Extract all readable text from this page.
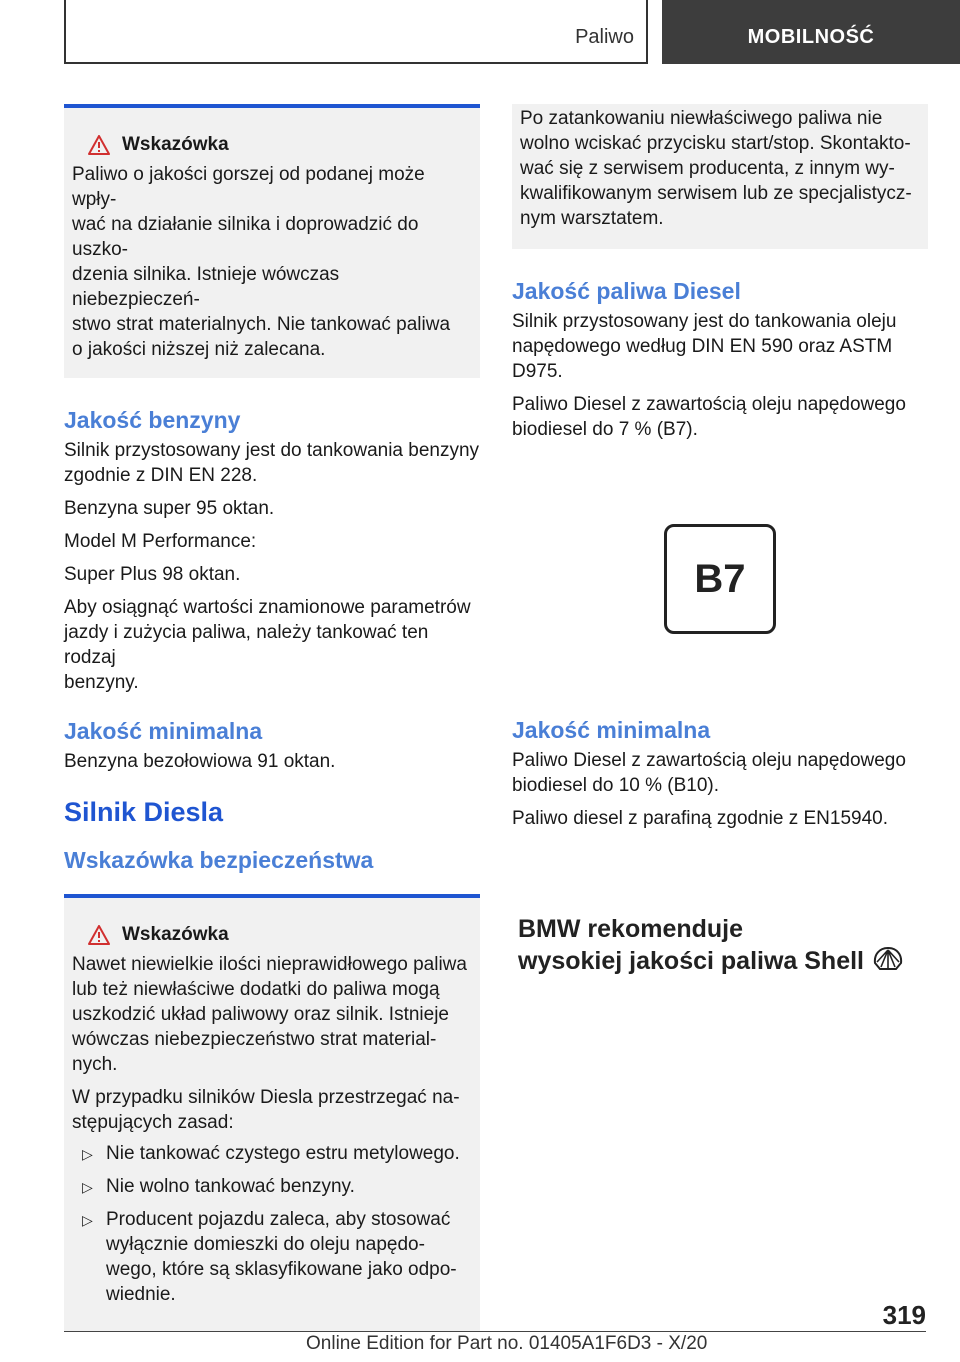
Paliwo	MOBILNOŚĆ
Wskazówka

Paliwo o jakości gorszej od podanej może wpły-
wać na działanie silnika i doprowadzić do uszko-
dzenia silnika. Istnieje wówczas niebezpieczeń-
stwo strat materialnych. Nie tankować paliwa
o jakości niższej niż zalecana.

Jakość benzyny

Silnik przystosowany jest do tankowania benzyny
zgodnie z DIN EN 228.

Benzyna super 95 oktan.

Model M Performance:

Super Plus 98 oktan.

Aby osiągnąć wartości znamionowe parametrów
jazdy i zużycia paliwa, należy tankować ten rodzaj
benzyny.

Jakość minimalna

Benzyna bezołowiowa 91 oktan.

Silnik Diesla
Wskazówka bezpieczeństwa
Wskazówka

Nawet niewielkie ilości nieprawidłowego paliwa
lub też niewłaściwe dodatki do paliwa mogą
uszkodzić układ paliwowy oraz silnik. Istnieje
wówczas niebezpieczeństwo strat material-
nych.

W przypadku silników Diesla przestrzegać na-
stępujących zasad:

▷ Nie tankować czystego estru metylowego.
▷ Nie wolno tankować benzyny.
▷ Producent pojazdu zaleca, aby stosować
wyłącznie domieszki do oleju napędo-
wego, które są sklasyfikowane jako odpo-
wiednie.

Po zatankowaniu niewłaściwego paliwa nie
wolno wciskać przycisku start/stop. Skontakto-
wać się z serwisem producenta, z innym wy-
kwalifikowanym serwisem lub ze specjalistycz-
nym warsztatem.

Jakość paliwa Diesel

Silnik przystosowany jest do tankowania oleju
napędowego według DIN EN 590 oraz ASTM
D975.

Paliwo Diesel z zawartością oleju napędowego
biodiesel do 7 % (B7).

B7
Jakość minimalna

Paliwo Diesel z zawartością oleju napędowego
biodiesel do 10 % (B10).

Paliwo diesel z parafiną zgodnie z EN15940.

BMW rekomenduje
wysokiej jakości paliwa Shell
319
Online Edition for Part no. 01405A1F6D3 - X/20
